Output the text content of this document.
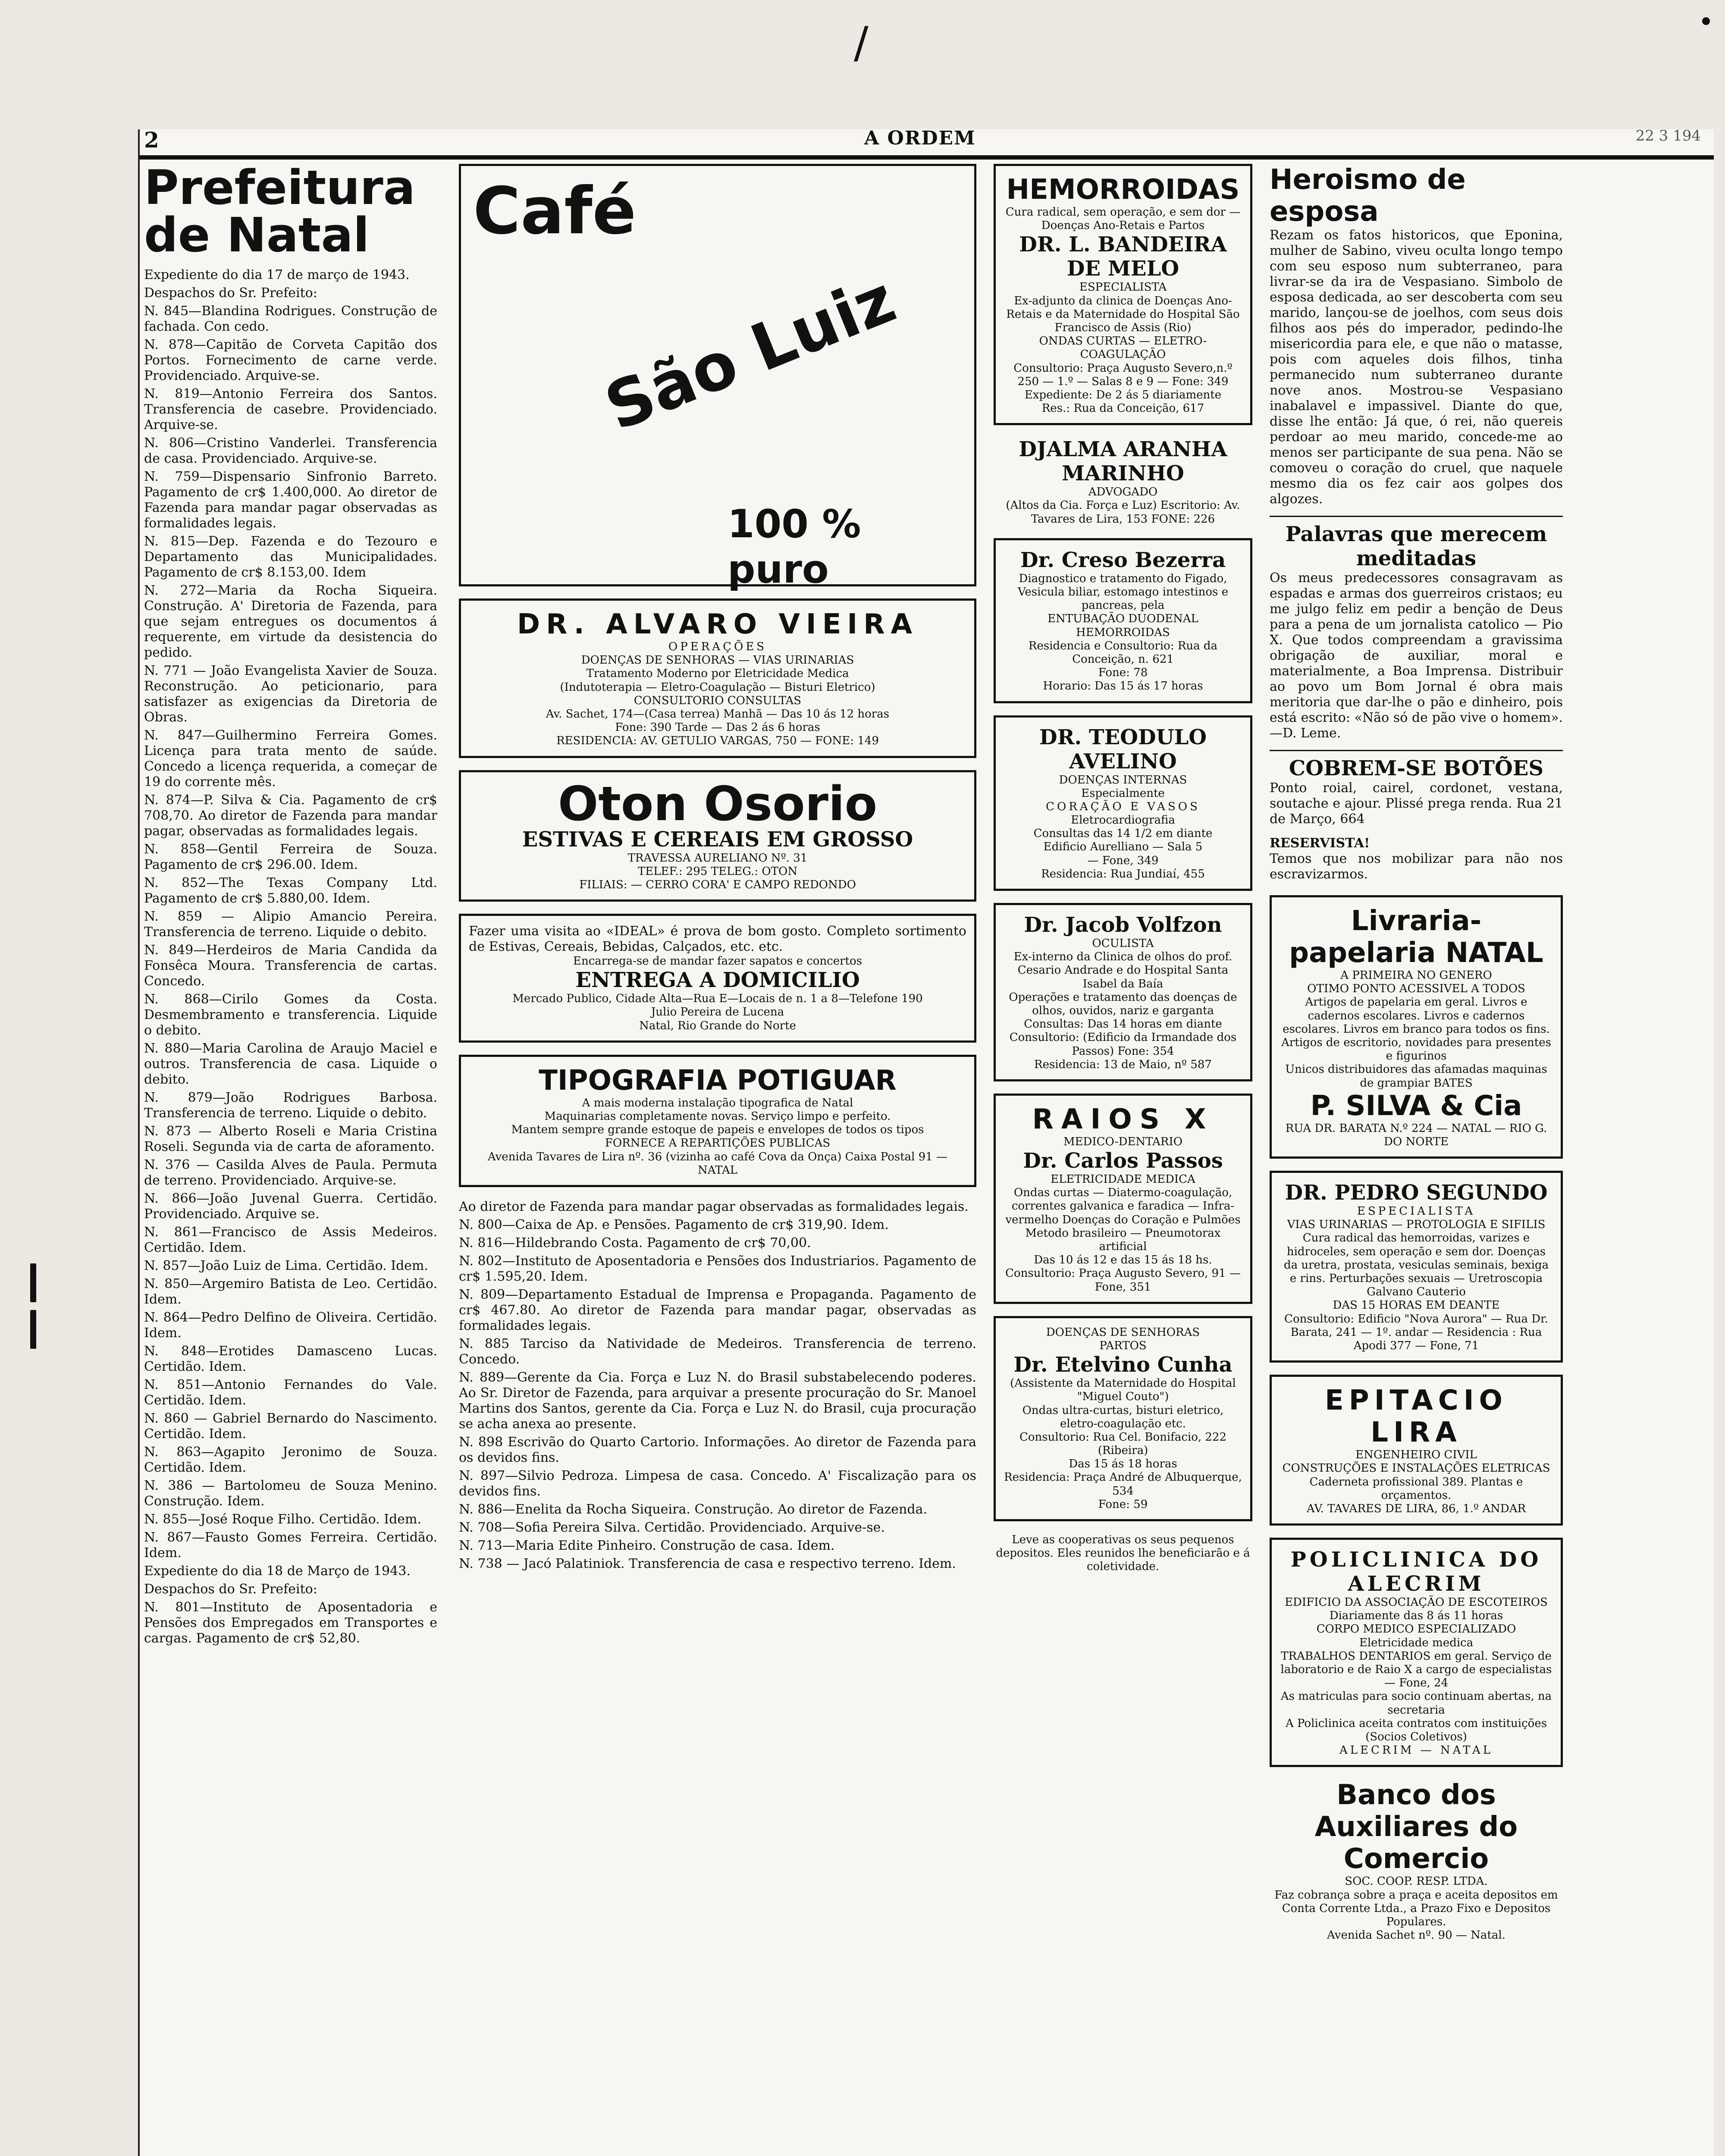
2	A ORDEM	22 3 194
Prefeitura de Natal

Expediente do dia 17 de março de 1943.

Despachos do Sr. Prefeito:

N. 845—Blandina Rodrigues. Construção de fachada. Con cedo.

N. 878—Capitão de Corveta Capitão dos Portos. Fornecimento de carne verde. Providenciado. Arquive-se.

N. 819—Antonio Ferreira dos Santos. Transferencia de casebre. Providenciado. Arquive-se.

N. 806—Cristino Vanderlei. Transferencia de casa. Providenciado. Arquive-se.

N. 759—Dispensario Sinfronio Barreto. Pagamento de cr$ 1.400,000. Ao diretor de Fazenda para mandar pagar observadas as formalidades legais.

N. 815—Dep. Fazenda e do Tezouro e Departamento das Municipalidades. Pagamento de cr$ 8.153,00. Idem

N. 272—Maria da Rocha Siqueira. Construção. A' Diretoria de Fazenda, para que sejam entregues os documentos á requerente, em virtude da desistencia do pedido.

N. 771 — João Evangelista Xavier de Souza. Reconstrução. Ao peticionario, para satisfazer as exigencias da Diretoria de Obras.

N. 847—Guilhermino Ferreira Gomes. Licença para trata mento de saúde. Concedo a licença requerida, a começar de 19 do corrente mês.

N. 874—P. Silva & Cia. Pagamento de cr$ 708,70. Ao diretor de Fazenda para mandar pagar, observadas as formalidades legais.

N. 858—Gentil Ferreira de Souza. Pagamento de cr$ 296.00. Idem.

N. 852—The Texas Company Ltd. Pagamento de cr$ 5.880,00. Idem.

N. 859 — Alipio Amancio Pereira. Transferencia de terreno. Liquide o debito.

N. 849—Herdeiros de Maria Candida da Fonsêca Moura. Transferencia de cartas. Concedo.

N. 868—Cirilo Gomes da Costa. Desmembramento e transferencia. Liquide o debito.

N. 880—Maria Carolina de Araujo Maciel e outros. Transferencia de casa. Liquide o debito.

N. 879—João Rodrigues Barbosa. Transferencia de terreno. Liquide o debito.

N. 873 — Alberto Roseli e Maria Cristina Roseli. Segunda via de carta de aforamento.

N. 376 — Casilda Alves de Paula. Permuta de terreno. Providenciado. Arquive-se.

N. 866—João Juvenal Guerra. Certidão. Providenciado. Arquive se.

N. 861—Francisco de Assis Medeiros. Certidão. Idem.

N. 857—João Luiz de Lima. Certidão. Idem.

N. 850—Argemiro Batista de Leo. Certidão. Idem.

N. 864—Pedro Delfino de Oliveira. Certidão. Idem.

N. 848—Erotides Damasceno Lucas. Certidão. Idem.

N. 851—Antonio Fernandes do Vale. Certidão. Idem.

N. 860 — Gabriel Bernardo do Nascimento. Certidão. Idem.

N. 863—Agapito Jeronimo de Souza. Certidão. Idem.

N. 386 — Bartolomeu de Souza Menino. Construção. Idem.

N. 855—José Roque Filho. Certidão. Idem.

N. 867—Fausto Gomes Ferreira. Certidão. Idem.

Expediente do dia 18 de Março de 1943.

Despachos do Sr. Prefeito:

N. 801—Instituto de Aposentadoria e Pensões dos Empregados em Transportes e cargas. Pagamento de cr$ 52,80.

Café
São Luiz
100 % puro
DR. ALVARO VIEIRA
OPERAÇÕES
DOENÇAS DE SENHORAS — VIAS URINARIAS
Tratamento Moderno por Eletricidade Medica
(Indutoterapia — Eletro-Coagulação — Bisturi Eletrico)
CONSULTORIO CONSULTAS
Av. Sachet, 174—(Casa terrea) Manhã — Das 10 ás 12 horas
Fone: 390 Tarde — Das 2 ás 6 horas
RESIDENCIA: AV. GETULIO VARGAS, 750 — FONE: 149
Oton Osorio
ESTIVAS E CEREAIS EM GROSSO
TRAVESSA AURELIANO Nº. 31
TELEF.: 295 TELEG.: OTON
FILIAIS: — CERRO CORA' E CAMPO REDONDO
Fazer uma visita ao «IDEAL» é prova de bom gosto. Completo sortimento de Estivas, Cereais, Bebidas, Calçados, etc. etc.
Encarrega-se de mandar fazer sapatos e concertos
ENTREGA A DOMICILIO
Mercado Publico, Cidade Alta—Rua E—Locais de n. 1 a 8—Telefone 190
Julio Pereira de Lucena
Natal, Rio Grande do Norte
TIPOGRAFIA POTIGUAR
A mais moderna instalação tipografica de Natal
Maquinarias completamente novas. Serviço limpo e perfeito.
Mantem sempre grande estoque de papeis e envelopes de todos os tipos
FORNECE A REPARTIÇÕES PUBLICAS
Avenida Tavares de Lira nº. 36 (vizinha ao café Cova da Onça) Caixa Postal 91 — NATAL

Ao diretor de Fazenda para mandar pagar observadas as formalidades legais.

N. 800—Caixa de Ap. e Pensões. Pagamento de cr$ 319,90. Idem.

N. 816—Hildebrando Costa. Pagamento de cr$ 70,00.

N. 802—Instituto de Aposentadoria e Pensões dos Industriarios. Pagamento de cr$ 1.595,20. Idem.

N. 809—Departamento Estadual de Imprensa e Propaganda. Pagamento de cr$ 467.80. Ao diretor de Fazenda para mandar pagar, observadas as formalidades legais.

N. 885 Tarciso da Natividade de Medeiros. Transferencia de terreno. Concedo.

N. 889—Gerente da Cia. Força e Luz N. do Brasil substabelecendo poderes. Ao Sr. Diretor de Fazenda, para arquivar a presente procuração do Sr. Manoel Martins dos Santos, gerente da Cia. Força e Luz N. do Brasil, cuja procuração se acha anexa ao presente.

N. 898 Escrivão do Quarto Cartorio. Informações. Ao diretor de Fazenda para os devidos fins.

N. 897—Silvio Pedroza. Limpesa de casa. Concedo. A' Fiscalização para os devidos fins.

N. 886—Enelita da Rocha Siqueira. Construção. Ao diretor de Fazenda.

N. 708—Sofia Pereira Silva. Certidão. Providenciado. Arquive-se.

N. 713—Maria Edite Pinheiro. Construção de casa. Idem.

N. 738 — Jacó Palatiniok. Transferencia de casa e respectivo terreno. Idem.

HEMORROIDAS
Cura radical, sem operação, e sem dor — Doenças Ano-Retais e Partos
DR. L. BANDEIRA DE MELO
ESPECIALISTA
Ex-adjunto da clinica de Doenças Ano-Retais e da Maternidade do Hospital São Francisco de Assis (Rio)
ONDAS CURTAS — ELETRO-COAGULAÇÃO
Consultorio: Praça Augusto Severo,n.º 250 — 1.º — Salas 8 e 9 — Fone: 349
Expediente: De 2 ás 5 diariamente
Res.: Rua da Conceição, 617
DJALMA ARANHA MARINHO
ADVOGADO
(Altos da Cia. Força e Luz) Escritorio: Av. Tavares de Lira, 153 FONE: 226
Dr. Creso Bezerra
Diagnostico e tratamento do Figado, Vesicula biliar, estomago intestinos e pancreas, pela
ENTUBAÇÃO DUODENAL
HEMORROIDAS
Residencia e Consultorio: Rua da Conceição, n. 621
Fone: 78
Horario: Das 15 ás 17 horas
DR. TEODULO AVELINO
DOENÇAS INTERNAS
Especialmente
CORAÇÃO E VASOS
Eletrocardiografia
Consultas das 14 1/2 em diante
Edificio Aurelliano — Sala 5
— Fone, 349
Residencia: Rua Jundiaí, 455
Dr. Jacob Volfzon
OCULISTA
Ex-interno da Clinica de olhos do prof. Cesario Andrade e do Hospital Santa Isabel da Baía
Operações e tratamento das doenças de olhos, ouvidos, nariz e garganta
Consultas: Das 14 horas em diante
Consultorio: (Edificio da Irmandade dos Passos) Fone: 354
Residencia: 13 de Maio, nº 587
RAIOS X
MEDICO-DENTARIO
Dr. Carlos Passos
ELETRICIDADE MEDICA
Ondas curtas — Diatermo-coagulação, correntes galvanica e faradica — Infra-vermelho Doenças do Coração e Pulmões Metodo brasileiro — Pneumotorax artificial
Das 10 ás 12 e das 15 ás 18 hs.
Consultorio: Praça Augusto Severo, 91 — Fone, 351
DOENÇAS DE SENHORAS
PARTOS
Dr. Etelvino Cunha
(Assistente da Maternidade do Hospital "Miguel Couto")
Ondas ultra-curtas, bisturi eletrico, eletro-coagulação etc.
Consultorio: Rua Cel. Bonifacio, 222 (Ribeira)
Das 15 ás 18 horas
Residencia: Praça André de Albuquerque, 534
Fone: 59
Leve as cooperativas os seus pequenos depositos. Eles reunidos lhe beneficiarão e á coletividade.
Heroismo de esposa
Rezam os fatos historicos, que Eponina, mulher de Sabino, viveu oculta longo tempo com seu esposo num subterraneo, para livrar-se da ira de Vespasiano. Simbolo de esposa dedicada, ao ser descoberta com seu marido, lançou-se de joelhos, com seus dois filhos aos pés do imperador, pedindo-lhe misericordia para ele, e que não o matasse, pois com aqueles dois filhos, tinha permanecido num subterraneo durante nove anos. Mostrou-se Vespasiano inabalavel e impassivel. Diante do que, disse lhe então: Já que, ó rei, não quereis perdoar ao meu marido, concede-me ao menos ser participante de sua pena. Não se comoveu o coração do cruel, que naquele mesmo dia os fez cair aos golpes dos algozes.
Palavras que merecem meditadas
Os meus predecessores consagravam as espadas e armas dos guerreiros cristaos; eu me julgo feliz em pedir a benção de Deus para a pena de um jornalista catolico — Pio X. Que todos compreendam a gravissima obrigação de auxiliar, moral e materialmente, a Boa Imprensa. Distribuir ao povo um Bom Jornal é obra mais meritoria que dar-lhe o pão e dinheiro, pois está escrito: «Não só de pão vive o homem».—D. Leme.
COBREM-SE BOTÕES
Ponto roial, cairel, cordonet, vestana, soutache e ajour. Plissé prega renda. Rua 21 de Março, 664
RESERVISTA!
Temos que nos mobilizar para não nos escravizarmos.
Livraria-papelaria NATAL
A PRIMEIRA NO GENERO
OTIMO PONTO ACESSIVEL A TODOS
Artigos de papelaria em geral. Livros e cadernos escolares. Livros e cadernos escolares. Livros em branco para todos os fins. Artigos de escritorio, novidades para presentes e figurinos
Unicos distribuidores das afamadas maquinas de grampiar BATES
P. SILVA & Cia
RUA DR. BARATA N.º 224 — NATAL — RIO G. DO NORTE
DR. PEDRO SEGUNDO
ESPECIALISTA
VIAS URINARIAS — PROTOLOGIA E SIFILIS
Cura radical das hemorroidas, varizes e hidroceles, sem operação e sem dor. Doenças da uretra, prostata, vesiculas seminais, bexiga e rins. Perturbações sexuais — Uretroscopia Galvano Cauterio
DAS 15 HORAS EM DEANTE
Consultorio: Edificio "Nova Aurora" — Rua Dr. Barata, 241 — 1º. andar — Residencia : Rua Apodi 377 — Fone, 71
EPITACIO LIRA
ENGENHEIRO CIVIL
CONSTRUÇÕES E INSTALAÇÕES ELETRICAS
Caderneta profissional 389. Plantas e orçamentos.
AV. TAVARES DE LIRA, 86, 1.º ANDAR
POLICLINICA DO ALECRIM
EDIFICIO DA ASSOCIAÇÃO DE ESCOTEIROS
Diariamente das 8 ás 11 horas
CORPO MEDICO ESPECIALIZADO
Eletricidade medica
TRABALHOS DENTARIOS em geral. Serviço de laboratorio e de Raio X a cargo de especialistas — Fone, 24
As matriculas para socio continuam abertas, na secretaria
A Policlinica aceita contratos com instituições (Socios Coletivos)
ALECRIM — NATAL
Banco dos Auxiliares do Comercio
SOC. COOP. RESP. LTDA.
Faz cobrança sobre a praça e aceita depositos em Conta Corrente Ltda., a Prazo Fixo e Depositos Populares.
Avenida Sachet nº. 90 — Natal.
/
